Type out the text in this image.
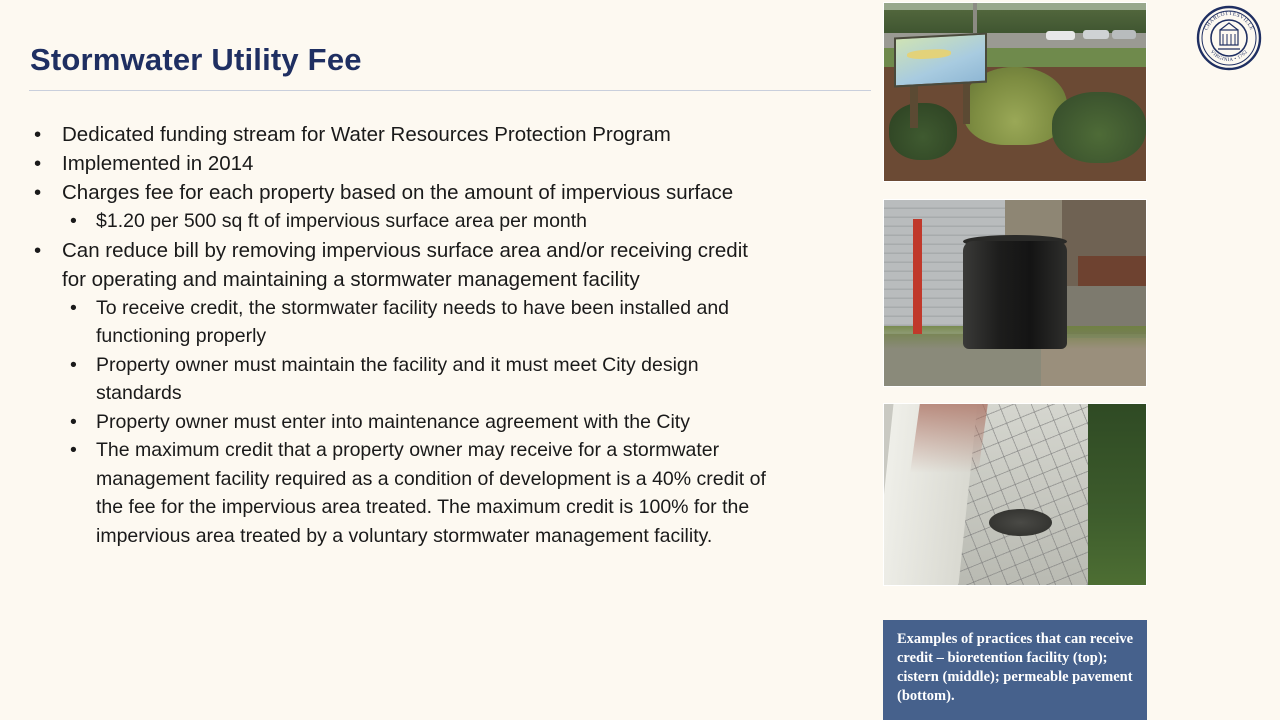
Stormwater Utility Fee
• Dedicated funding stream for Water Resources Protection Program
• Implemented in 2014
• Charges fee for each property based on the amount of impervious surface
• $1.20 per 500 sq ft of impervious surface area per month
• Can reduce bill by removing impervious surface area and/or receiving credit for operating and maintaining a stormwater management facility
• To receive credit, the stormwater facility needs to have been installed and functioning properly
• Property owner must maintain the facility and it must meet City design standards
• Property owner must enter into maintenance agreement with the City
• The maximum credit that a property owner may receive for a stormwater management facility required as a condition of development is a 40% credit of the fee for the impervious area treated. The maximum credit is 100% for the impervious area treated by a voluntary stormwater management facility.
Examples of practices that can receive credit – bioretention facility (top); cistern (middle); permeable pavement (bottom).
CHARLOTTESVILLE
VIRGINIA • 1762
